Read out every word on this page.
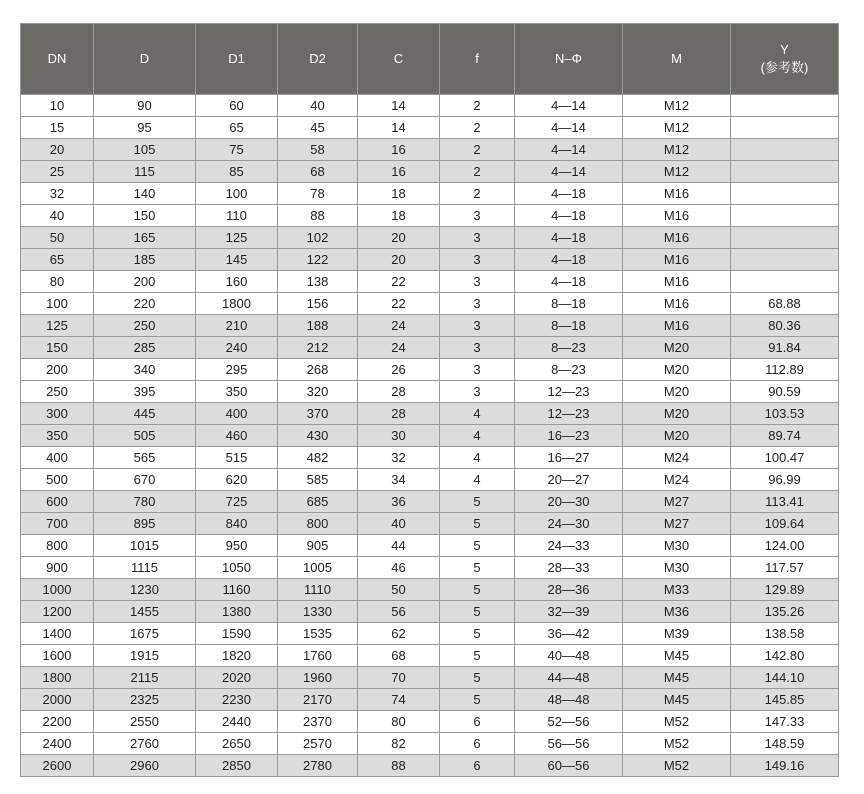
DN	D	D1	D2	C	f	N–Φ	M	Y
(参考数)
10	90	60	40	14	2	4—14	M12	
15	95	65	45	14	2	4—14	M12	
20	105	75	58	16	2	4—14	M12	
25	115	85	68	16	2	4—14	M12	
32	140	100	78	18	2	4—18	M16	
40	150	110	88	18	3	4—18	M16	
50	165	125	102	20	3	4—18	M16	
65	185	145	122	20	3	4—18	M16	
80	200	160	138	22	3	4—18	M16	
100	220	1800	156	22	3	8—18	M16	68.88
125	250	210	188	24	3	8—18	M16	80.36
150	285	240	212	24	3	8—23	M20	91.84
200	340	295	268	26	3	8—23	M20	112.89
250	395	350	320	28	3	12—23	M20	90.59
300	445	400	370	28	4	12—23	M20	103.53
350	505	460	430	30	4	16—23	M20	89.74
400	565	515	482	32	4	16—27	M24	100.47
500	670	620	585	34	4	20—27	M24	96.99
600	780	725	685	36	5	20—30	M27	113.41
700	895	840	800	40	5	24—30	M27	109.64
800	1015	950	905	44	5	24—33	M30	124.00
900	1115	1050	1005	46	5	28—33	M30	117.57
1000	1230	1160	1110	50	5	28—36	M33	129.89
1200	1455	1380	1330	56	5	32—39	M36	135.26
1400	1675	1590	1535	62	5	36—42	M39	138.58
1600	1915	1820	1760	68	5	40—48	M45	142.80
1800	2115	2020	1960	70	5	44—48	M45	144.10
2000	2325	2230	2170	74	5	48—48	M45	145.85
2200	2550	2440	2370	80	6	52—56	M52	147.33
2400	2760	2650	2570	82	6	56—56	M52	148.59
2600	2960	2850	2780	88	6	60—56	M52	149.16
